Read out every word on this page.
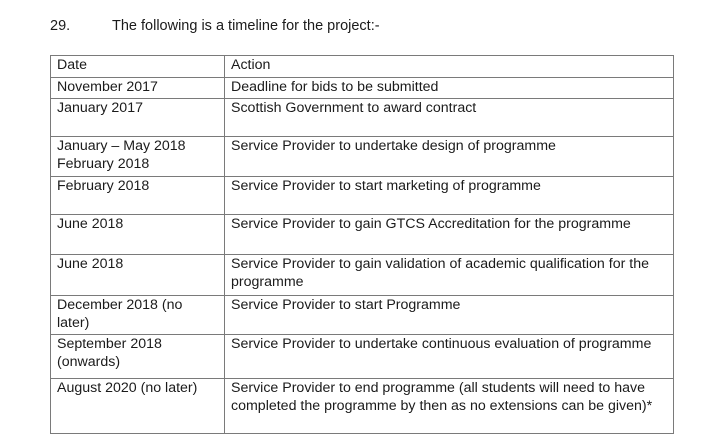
29.	The following is a timeline for the project:-
Date	Action

November 2017	Deadline for bids to be submitted

January 2017	Scottish Government to award contract

January – May 2018
February 2018	Service Provider to undertake design of programme

February 2018	Service Provider to start marketing of programme

June 2018	Service Provider to gain GTCS Accreditation for the programme

June 2018	Service Provider to gain validation of academic qualification for the programme

December 2018 (no
later)	Service Provider to start Programme

September 2018
(onwards)	Service Provider to undertake continuous evaluation of programme

August 2020 (no later)	Service Provider to end programme (all students will need to have completed the programme by then as no extensions can be given)*
